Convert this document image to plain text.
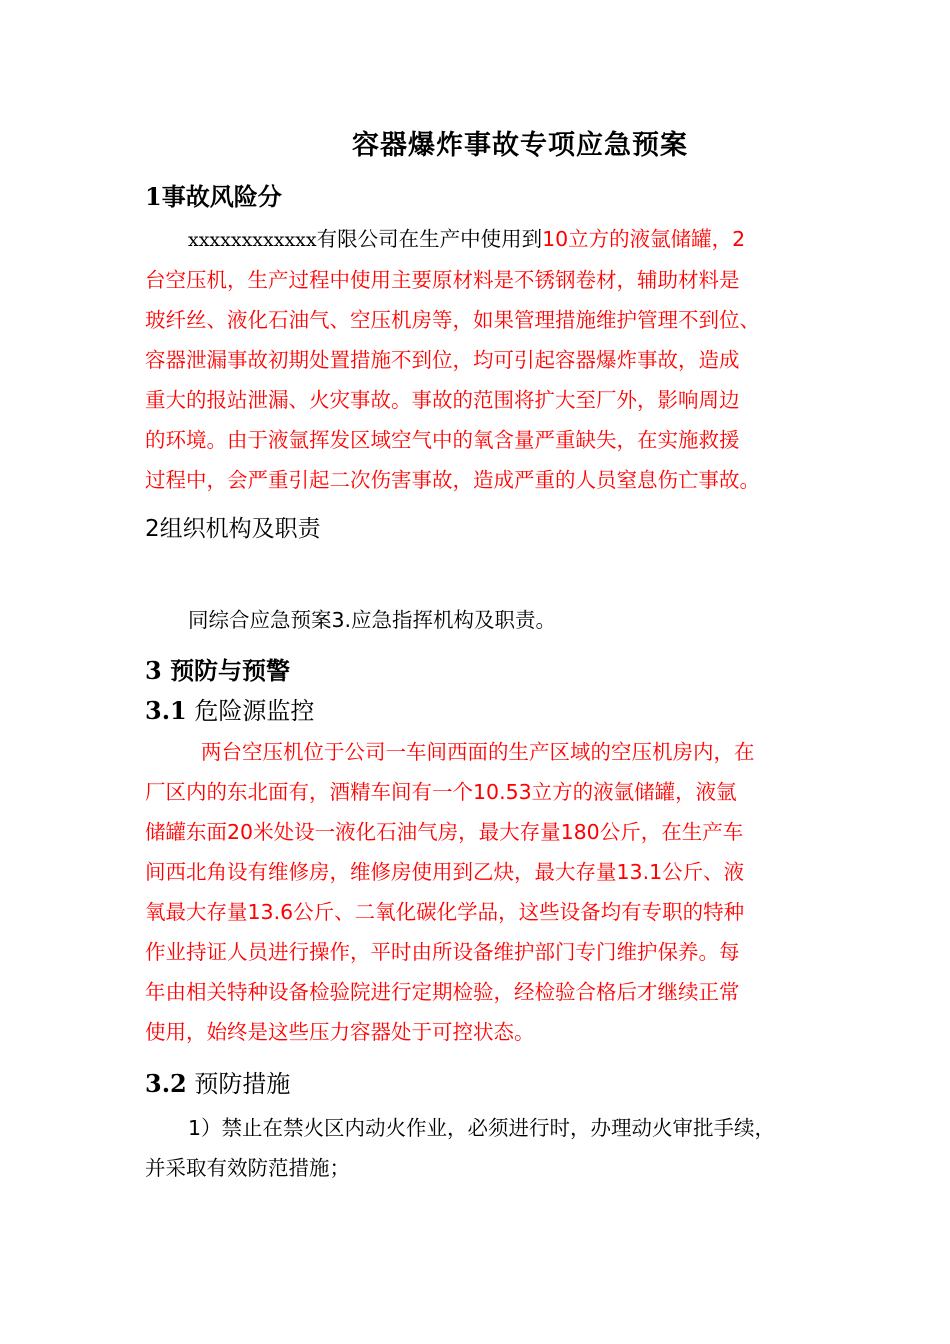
容器爆炸事故专项应急预案
1事故风险分
xxxxxxxxxxxx有限公司在生产中使用到10立方的液氩储罐，2
台空压机，生产过程中使用主要原材料是不锈钢卷材，辅助材料是
玻纤丝、液化石油气、空压机房等，如果管理措施维护管理不到位、
容器泄漏事故初期处置措施不到位，均可引起容器爆炸事故，造成
重大的报站泄漏、火灾事故。事故的范围将扩大至厂外，影响周边
的环境。由于液氩挥发区域空气中的氧含量严重缺失，在实施救援
过程中，会严重引起二次伤害事故，造成严重的人员窒息伤亡事故。
2组织机构及职责
同综合应急预案3.应急指挥机构及职责。
3 预防与预警
3.1 危险源监控
两台空压机位于公司一车间西面的生产区域的空压机房内，在
厂区内的东北面有，酒精车间有一个10.53立方的液氩储罐，液氩
储罐东面20米处设一液化石油气房，最大存量180公斤，在生产车
间西北角设有维修房，维修房使用到乙炔，最大存量13.1公斤、液
氧最大存量13.6公斤、二氧化碳化学品，这些设备均有专职的特种
作业持证人员进行操作，平时由所设备维护部门专门维护保养。每
年由相关特种设备检验院进行定期检验，经检验合格后才继续正常
使用，始终是这些压力容器处于可控状态。
3.2 预防措施
1）禁止在禁火区内动火作业，必须进行时，办理动火审批手续，
并采取有效防范措施；
